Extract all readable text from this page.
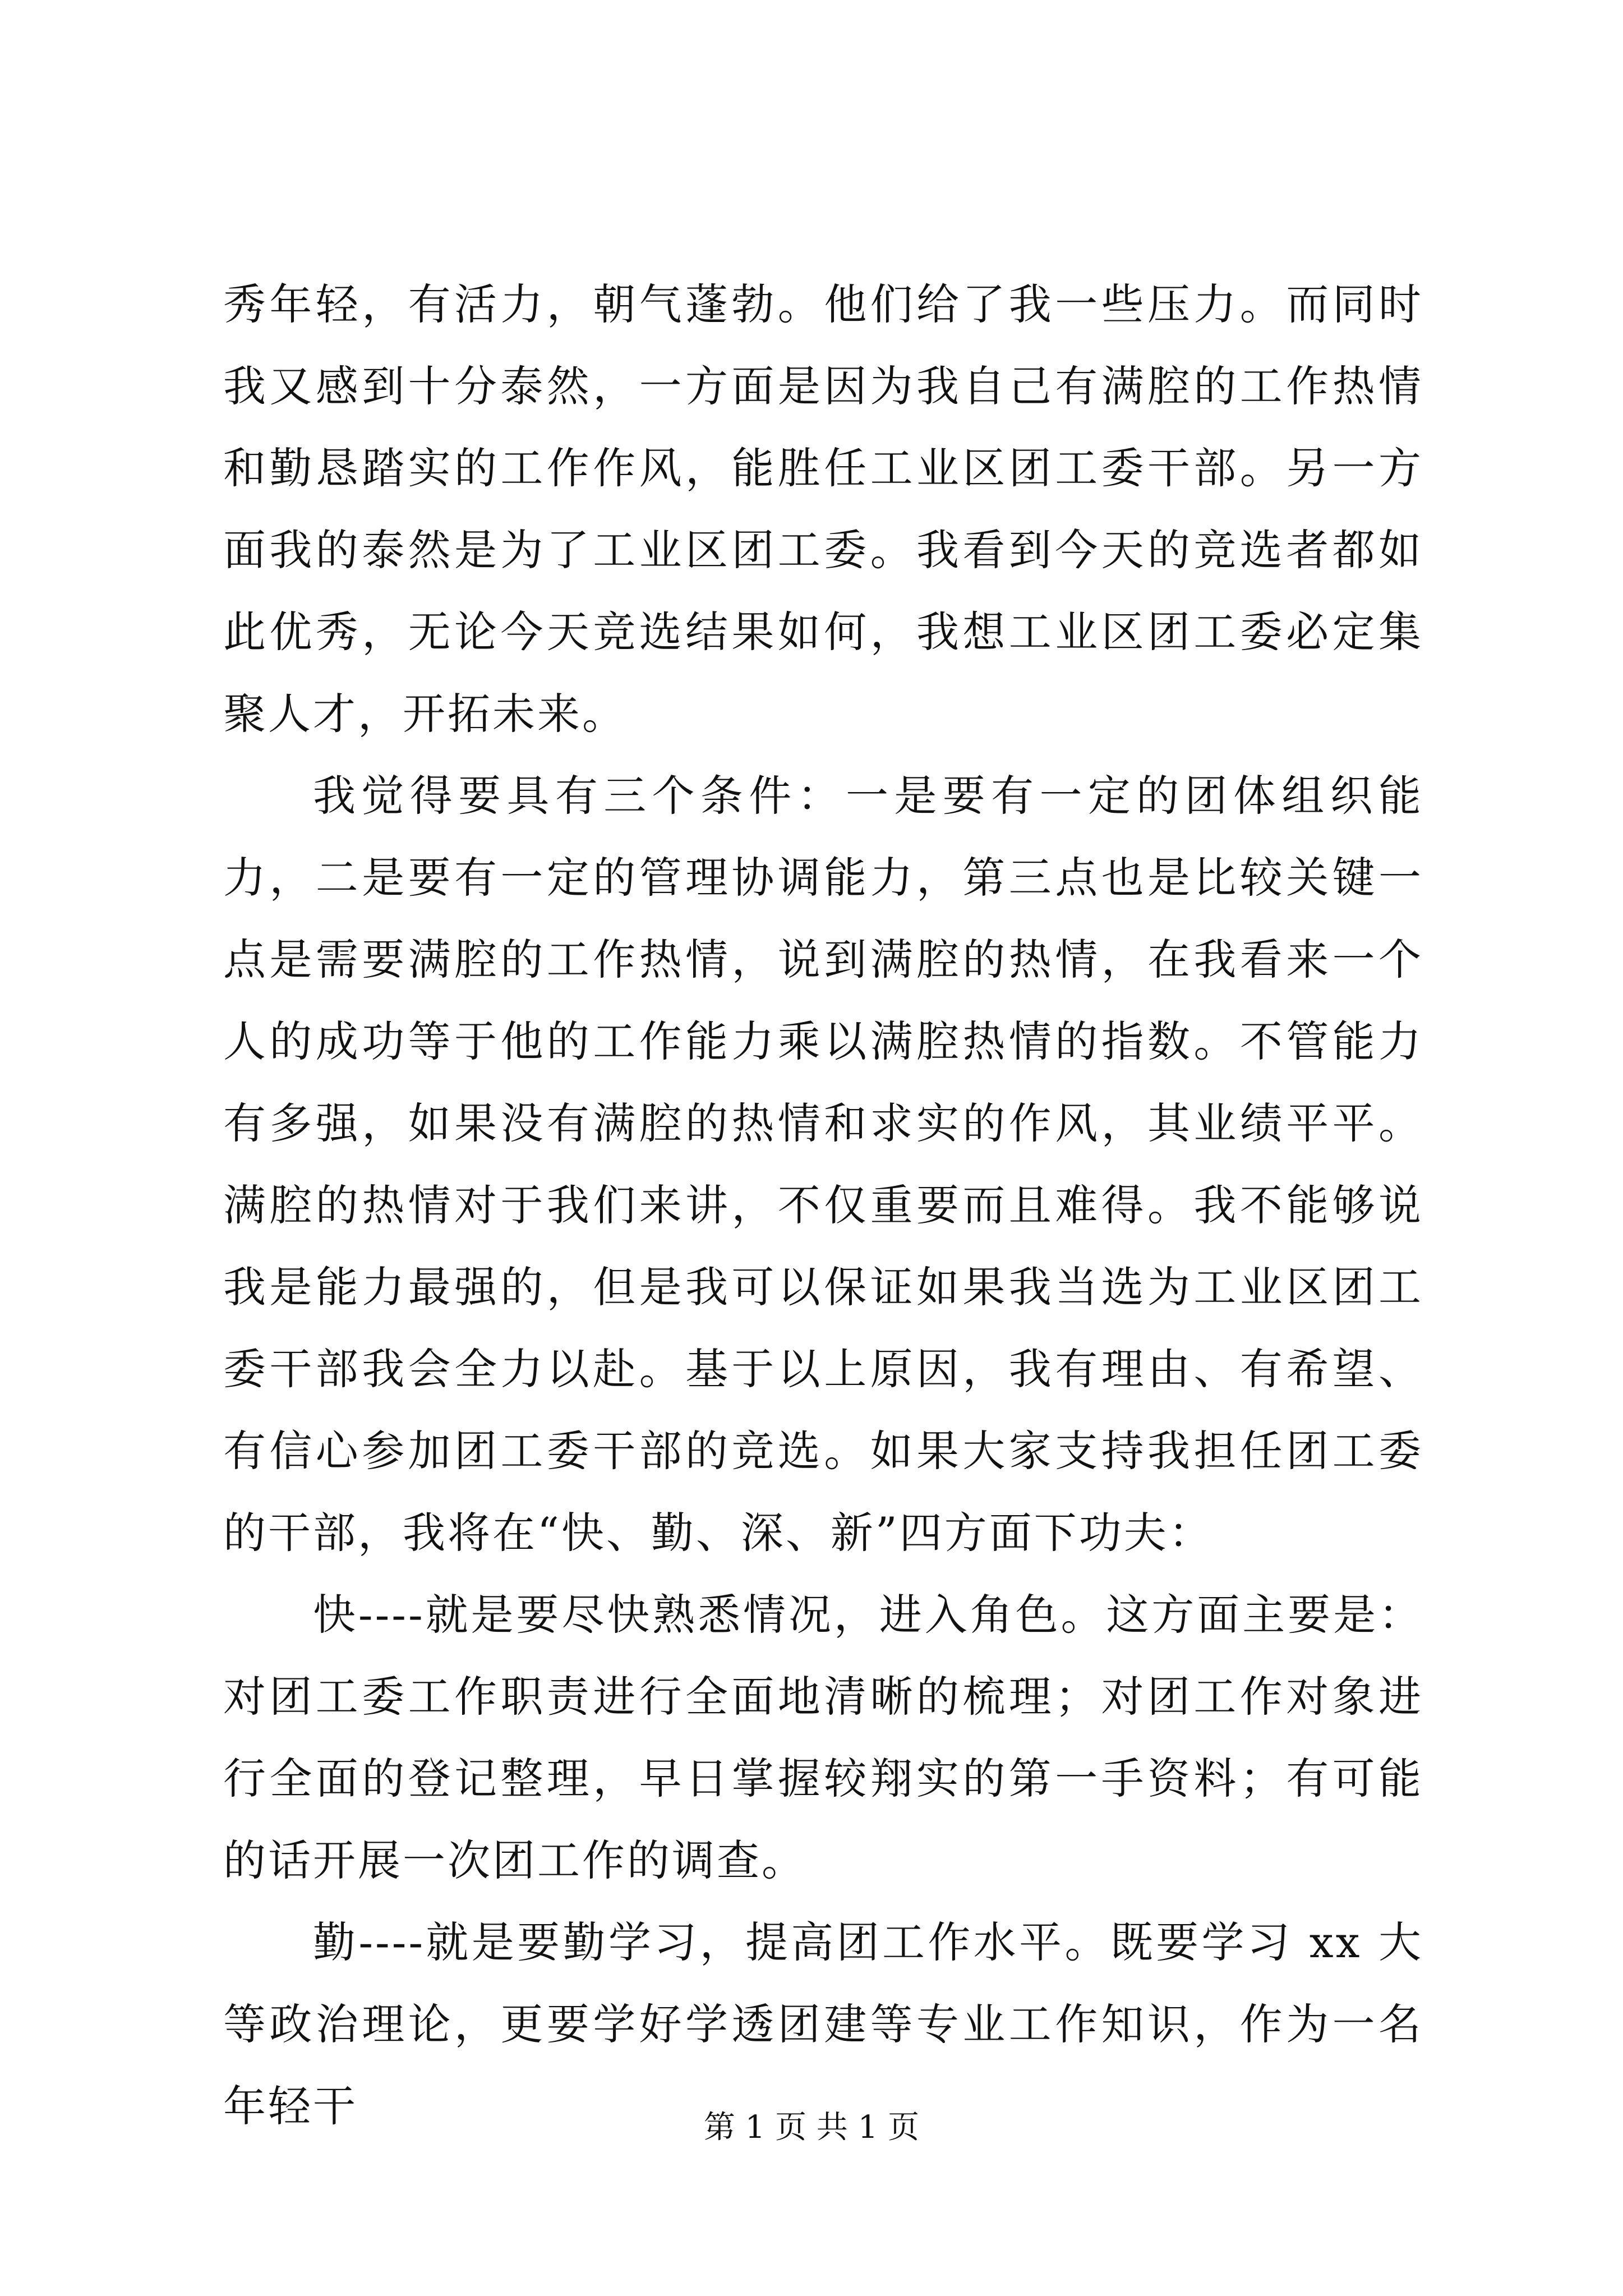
秀年轻，有活力，朝气蓬勃。他们给了我一些压力。而同时我又感到十分泰然，一方面是因为我自己有满腔的工作热情和勤恳踏实的工作作风，能胜任工业区团工委干部。另一方面我的泰然是为了工业区团工委。我看到今天的竞选者都如此优秀，无论今天竞选结果如何，我想工业区团工委必定集聚人才，开拓未来。

我觉得要具有三个条件：一是要有一定的团体组织能力，二是要有一定的管理协调能力，第三点也是比较关键一点是需要满腔的工作热情，说到满腔的热情，在我看来一个人的成功等于他的工作能力乘以满腔热情的指数。不管能力有多强，如果没有满腔的热情和求实的作风，其业绩平平。满腔的热情对于我们来讲，不仅重要而且难得。我不能够说我是能力最强的，但是我可以保证如果我当选为工业区团工委干部我会全力以赴。基于以上原因，我有理由、有希望、有信心参加团工委干部的竞选。如果大家支持我担任团工委的干部，我将在“快、勤、深、新”四方面下功夫：

快----就是要尽快熟悉情况，进入角色。这方面主要是：对团工委工作职责进行全面地清晰的梳理；对团工作对象进行全面的登记整理，早日掌握较翔实的第一手资料；有可能的话开展一次团工作的调查。

勤----就是要勤学习，提高团工作水平。既要学习 xx 大等政治理论，更要学好学透团建等专业工作知识，作为一名年轻干	第 1 页 共 1 页
